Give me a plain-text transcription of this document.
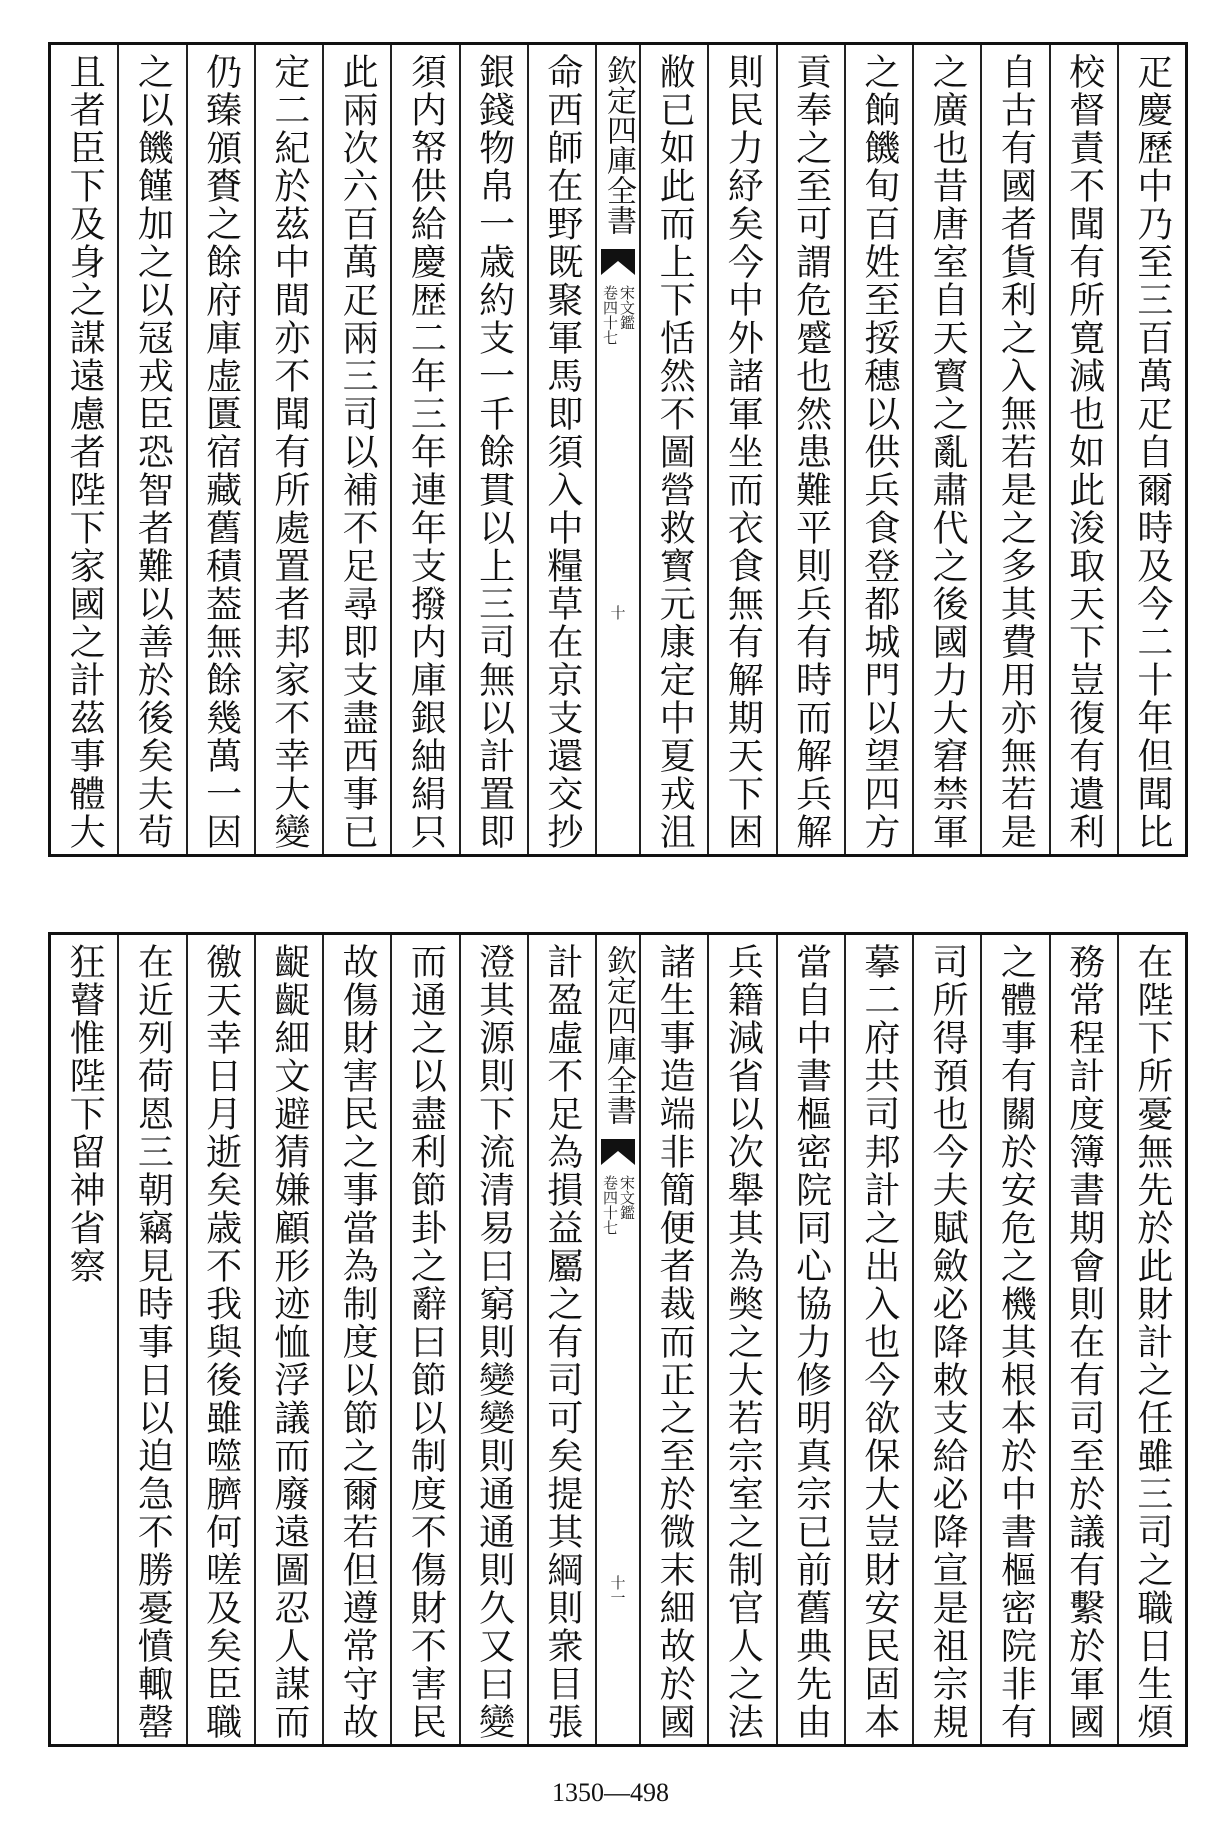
疋慶歷中乃至三百萬疋自爾時及今二十年但聞比
校督責不聞有所寛減也如此浚取天下豈復有遺利
自古有國者貨利之入無若是之多其費用亦無若是
之廣也昔唐室自天寳之亂肅代之後國力大窘禁軍
之餉饑旬百姓至挼穗以供兵食登都城門以望四方
貢奉之至可謂危蹙也然患難平則兵有時而解兵解
則民力紓矣今中外諸軍坐而衣食無有解期天下困
敝已如此而上下恬然不圖營救寳元康定中夏戎沮
欽定四庫全書
宋文鑑
卷四十七
十
命西師在野既聚軍馬即須入中糧草在京支還交抄
銀錢物帛一歳約支一千餘貫以上三司無以計置即
須内帑供給慶歴二年三年連年支撥内庫銀紬絹只
此兩次六百萬疋兩三司以補不足尋即支盡西事已
定二紀於茲中間亦不聞有所處置者邦家不幸大變
仍臻頒賚之餘府庫虚匱宿藏舊積葢無餘幾萬一因
之以饑饉加之以冦戎臣恐智者難以善於後矣夫茍
且者臣下及身之謀遠慮者陛下家國之計茲事體大
在陛下所憂無先於此財計之任雖三司之職日生煩
務常程計度簿書期會則在有司至於議有繫於軍國
之體事有關於安危之機其根本於中書樞密院非有
司所得預也今夫賦斂必降敕支給必降宣是祖宗規
摹二府共司邦計之出入也今欲保大豈財安民固本
當自中書樞密院同心協力修明真宗已前舊典先由
兵籍減省以次舉其為獘之大若宗室之制官人之法
諸生事造端非簡便者裁而正之至於微末細故於國
欽定四庫全書
宋文鑑
卷四十七
十一
計盈虛不足為損益屬之有司可矣提其綱則衆目張
澄其源則下流清易曰窮則變變則通通則久又曰變
而通之以盡利節卦之辭曰節以制度不傷財不害民
故傷財害民之事當為制度以節之爾若但遵常守故
齪齪細文避猜嫌顧形迹恤浮議而廢遠圖忍人謀而
徼天幸日月逝矣歳不我與後雖噬臍何嗟及矣臣職
在近列荷恩三朝竊見時事日以迫急不勝憂憤輙罄
狂瞽惟陛下留神省察
1350—498
